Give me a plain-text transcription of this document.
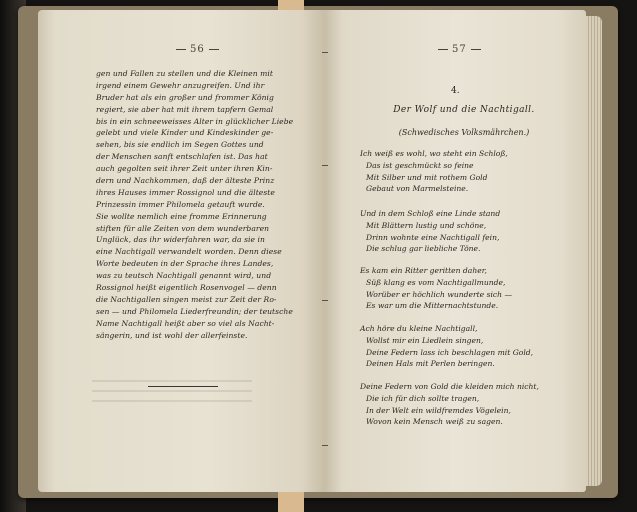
56
gen und Fallen zu stellen und die Kleinen mit
irgend einem Gewehr anzugreifen. Und ihr
Bruder hat als ein großer und frommer König
regiert, sie aber hat mit ihrem tapfern Gemal
bis in ein schneeweisses Alter in glücklicher Liebe
gelebt und viele Kinder und Kindeskinder ge-
sehen, bis sie endlich im Segen Gottes und
der Menschen sanft entschlafen ist. Das hat
auch gegolten seit ihrer Zeit unter ihren Kin-
dern und Nachkommen, daß der älteste Prinz
ihres Hauses immer Rossignol und die älteste
Prinzessin immer Philomela getauft wurde.
Sie wollte nemlich eine fromme Erinnerung
stiften für alle Zeiten von dem wunderbaren
Unglück, das ihr widerfahren war, da sie in
eine Nachtigall verwandelt worden. Denn diese
Worte bedeuten in der Sprache ihres Landes,
was zu teutsch Nachtigall genannt wird, und
Rossignol heißt eigentlich Rosenvogel — denn
die Nachtigallen singen meist zur Zeit der Ro-
sen — und Philomela Liederfreundin; der teutsche
Name Nachtigall heißt aber so viel als Nacht-
sängerin, und ist wohl der allerfeinste.
57
4.
Der Wolf und die Nachtigall.
(Schwedisches Volksmährchen.)
Ich weiß es wohl, wo steht ein Schloß,
Das ist geschmückt so feine
Mit Silber und mit rothem Gold
Gebaut von Marmelsteine.
Und in dem Schloß eine Linde stand
Mit Blättern lustig und schöne,
Drinn wohnte eine Nachtigall fein,
Die schlug gar liebliche Töne.
Es kam ein Ritter geritten daher,
Süß klang es vom Nachtigallmunde,
Worüber er höchlich wunderte sich —
Es war um die Mitternachtstunde.
Ach höre du kleine Nachtigall,
Wollst mir ein Liedlein singen,
Deine Federn lass ich beschlagen mit Gold,
Deinen Hals mit Perlen beringen.
Deine Federn von Gold die kleiden mich nicht,
Die ich für dich sollte tragen,
In der Welt ein wildfremdes Vögelein,
Wovon kein Mensch weiß zu sagen.
